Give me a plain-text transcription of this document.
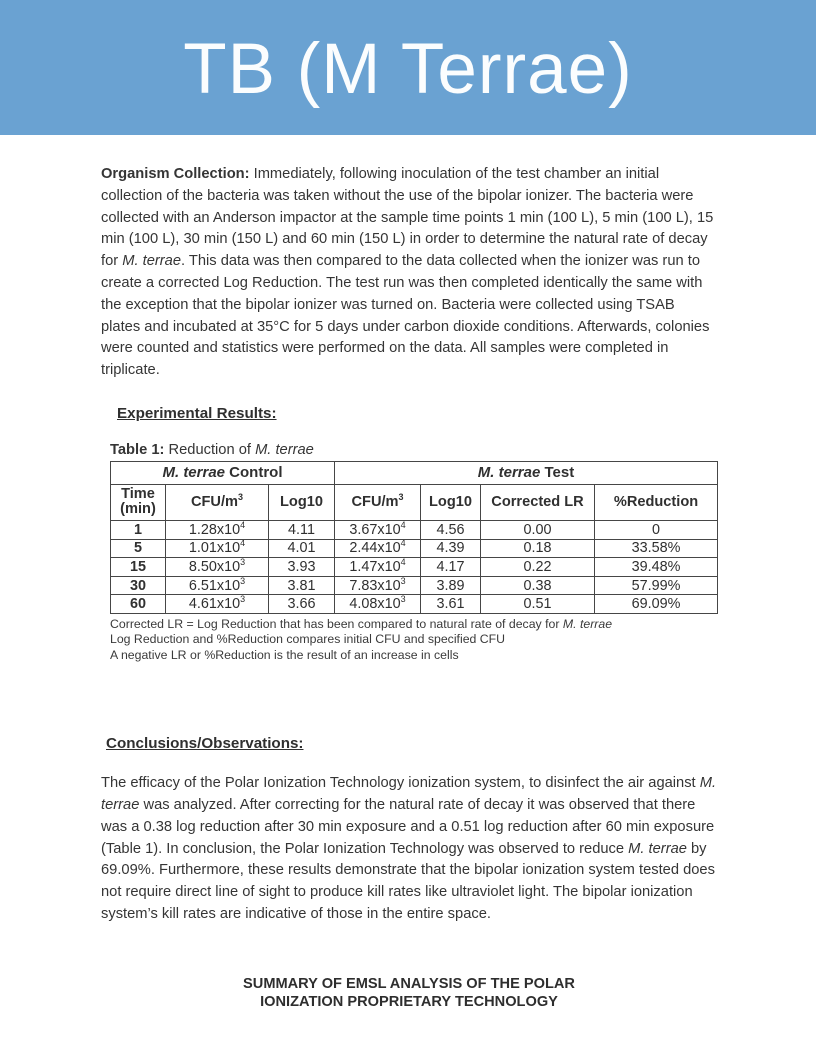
TB (M Terrae)

Organism Collection: Immediately, following inoculation of the test chamber an initial collection of the bacteria was taken without the use of the bipolar ionizer. The bacteria were collected with an Anderson impactor at the sample time points 1 min (100 L), 5 min (100 L), 15 min (100 L), 30 min (150 L) and 60 min (150 L) in order to determine the natural rate of decay for M. terrae. This data was then compared to the data collected when the ionizer was run to create a corrected Log Reduction. The test run was then completed identically the same with the exception that the bipolar ionizer was turned on. Bacteria were collected using TSAB plates and incubated at 35°C for 5 days under carbon dioxide conditions. Afterwards, colonies were counted and statistics were performed on the data. All samples were completed in triplicate.

Experimental Results:

Table 1: Reduction of M. terrae

M. terrae Control			M. terrae Test			
Time (min)	CFU/$m^3$	Log10	CFU/$m^3$	Log10	Corrected LR	%Reduction
1	$1.28x10^4$	4.11	$3.67x10^4$	4.56	0.00	0
5	$1.01x10^4$	4.01	$2.44x10^4$	4.39	0.18	33.58%
15	$8.50x10^3$	3.93	$1.47x10^4$	4.17	0.22	39.48%
30	$6.51x10^3$	3.81	$7.83x10^3$	3.89	0.38	57.99%
60	$4.61x10^3$	3.66	$4.08x10^3$	3.61	0.51	69.09%
Corrected LR = Log Reduction that has been compared to natural rate of decay for M. terrae
Log Reduction and %Reduction compares initial CFU and specified CFU
A negative LR or %Reduction is the result of an increase in cells
Conclusions/Observations:

The efficacy of the Polar Ionization Technology ionization system, to disinfect the air against M. terrae was analyzed. After correcting for the natural rate of decay it was observed that there was a 0.38 log reduction after 30 min exposure and a 0.51 log reduction after 60 min exposure (Table 1). In conclusion, the Polar Ionization Technology was observed to reduce M. terrae by 69.09%. Furthermore, these results demonstrate that the bipolar ionization system tested does not require direct line of sight to produce kill rates like ultraviolet light. The bipolar ionization system’s kill rates are indicative of those in the entire space.

SUMMARY OF EMSL ANALYSIS OF THE POLAR
IONIZATION PROPRIETARY TECHNOLOGY
